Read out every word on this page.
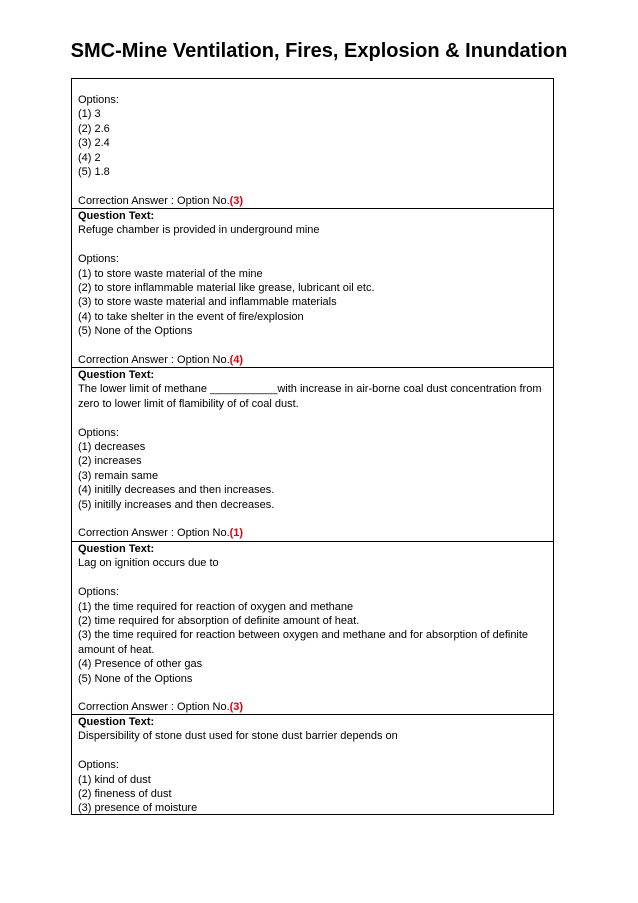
SMC-Mine Ventilation, Fires, Explosion & Inundation
Options:
(1) 3
(2) 2.6
(3) 2.4
(4) 2
(5) 1.8
Correction Answer : Option No.(3)
Question Text:
Refuge chamber is provided in underground mine
Options:
(1) to store waste material of the mine
(2) to store inflammable material like grease, lubricant oil etc.
(3) to store waste material and inflammable materials
(4) to take shelter in the event of fire/explosion
(5) None of the Options
Correction Answer : Option No.(4)
Question Text:
The lower limit of methane ___________with increase in air-borne coal dust concentration from zero to lower limit of flamibility of of coal dust.
Options:
(1) decreases
(2) increases
(3) remain same
(4) initilly decreases and then increases.
(5) initilly increases and then decreases.
Correction Answer : Option No.(1)
Question Text:
Lag on ignition occurs due to
Options:
(1) the time required for reaction of oxygen and methane
(2) time required for absorption of definite amount of heat.
(3) the time required for reaction between oxygen and methane and for absorption of definite amount of heat.
(4) Presence of other gas
(5) None of the Options
Correction Answer : Option No.(3)
Question Text:
Dispersibility of stone dust used for stone dust barrier depends on
Options:
(1) kind of dust
(2) fineness of dust
(3) presence of moisture
